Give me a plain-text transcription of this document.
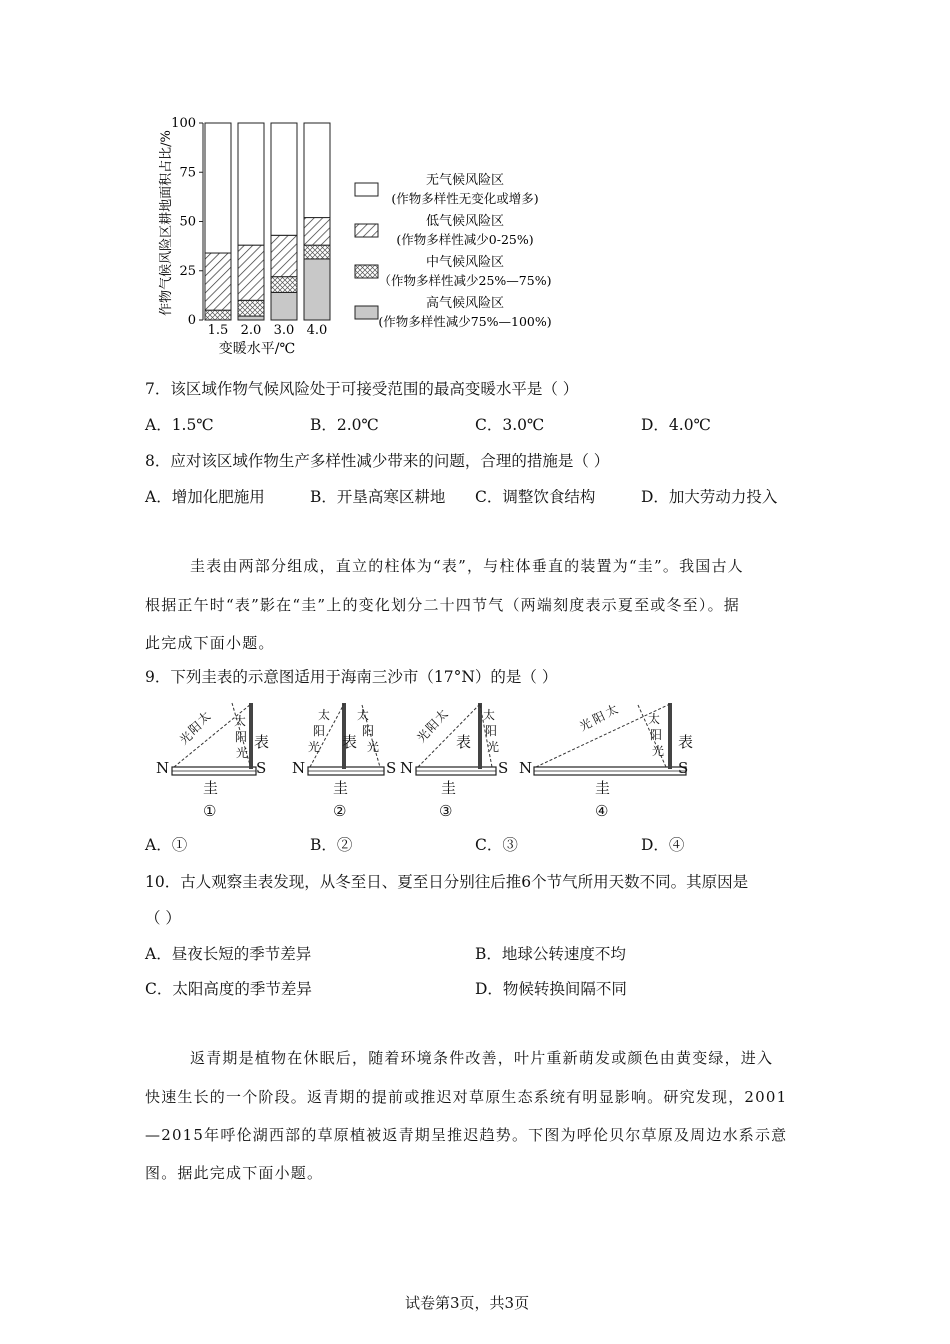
1.5 2.0 3.0 4.0
0
25
50
75
100
无气候风险区
(作物多样性无变化或增多)
低气候风险区
(作物多样性减少0-25%)
中气候风险区
（作物多样性减少25%—75%)
高气候风险区
(作物多样性减少75%—100%)
作物气候风险区耕地面积占比/%
变暖水平/℃
7．该区域作物气候风险处于可接受范围的最高变暖水平是（ ）
A．1.5℃	B．2.0℃	C．3.0℃	D．4.0℃
8．应对该区域作物生产多样性减少带来的问题，合理的措施是（ ）
A．增加化肥施用	B．开垦高寒区耕地 C．调整饮食结构	D．加大劳动力投入
圭表由两部分组成，直立的柱体为“表”，与柱体垂直的装置为“圭”。我国古人
根据正午时“表”影在“圭”上的变化划分二十四节气（两端刻度表示夏至或冬至）。据
此完成下面小题。
9．下列圭表的示意图适用于海南三沙市（17°N）的是（ ）
N	S
圭
①
表
太
阳
光
太
阳
光
N	S
圭
②
表
太
阳
光
太
阳
光
N	S
圭
③
表
太
阳
光
太
阳
光
N	S
圭
④
表
太
阳
光	太
阳
光
A．①	B．②	C．③	D．④
10．古人观察圭表发现，从冬至日、夏至日分别往后推6个节气所用天数不同。其原因是
（ ）
A．昼夜长短的季节差异	B．地球公转速度不均
C．太阳高度的季节差异	D．物候转换间隔不同
返青期是植物在休眠后，随着环境条件改善，叶片重新萌发或颜色由黄变绿，进入
快速生长的一个阶段。返青期的提前或推迟对草原生态系统有明显影响。研究发现，2001
—2015年呼伦湖西部的草原植被返青期呈推迟趋势。下图为呼伦贝尔草原及周边水系示意
图。据此完成下面小题。
试卷第3页，共3页
